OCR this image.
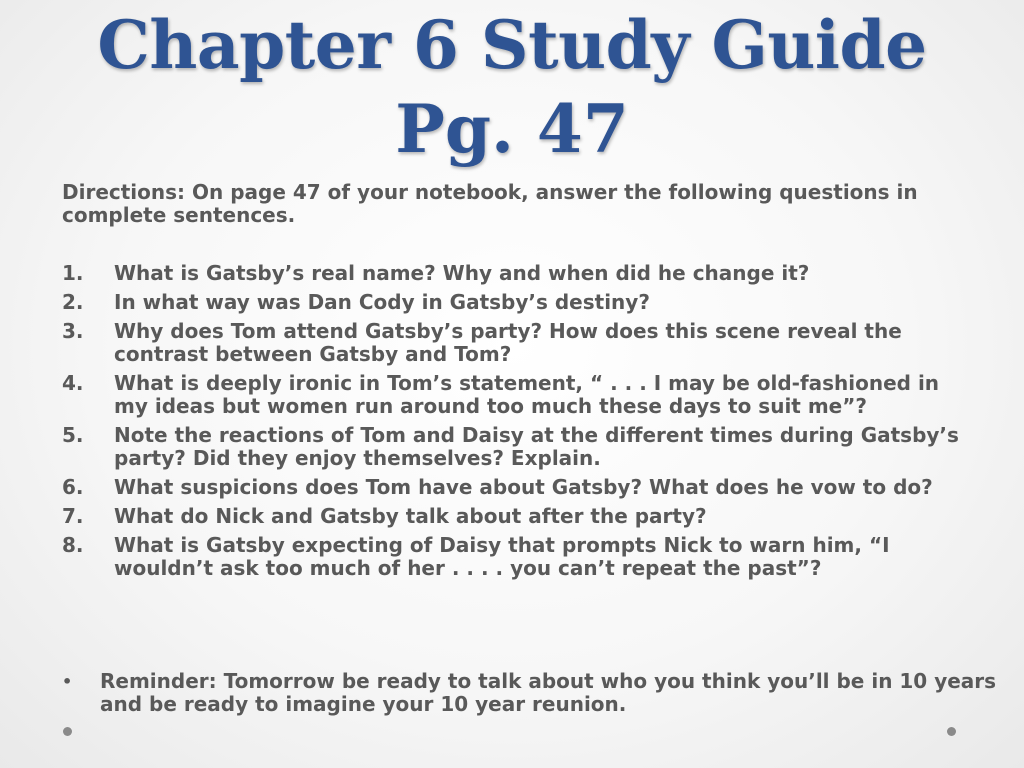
Chapter 6 Study Guide
Pg. 47

Directions: On page 47 of your notebook, answer the following questions in complete sentences.

1. What is Gatsby’s real name? Why and when did he change it?
2. In what way was Dan Cody in Gatsby’s destiny?
3. Why does Tom attend Gatsby’s party? How does this scene reveal the contrast between Gatsby and Tom?
4. What is deeply ironic in Tom’s statement, “ . . . I may be old-fashioned in my ideas but women run around too much these days to suit me”?
5. Note the reactions of Tom and Daisy at the different times during Gatsby’s party? Did they enjoy themselves? Explain.
6. What suspicions does Tom have about Gatsby? What does he vow to do?
7. What do Nick and Gatsby talk about after the party?
8. What is Gatsby expecting of Daisy that prompts Nick to warn him, “I wouldn’t ask too much of her . . . . you can’t repeat the past”?
• Reminder: Tomorrow be ready to talk about who you think you’ll be in 10 years and be ready to imagine your 10 year reunion.
